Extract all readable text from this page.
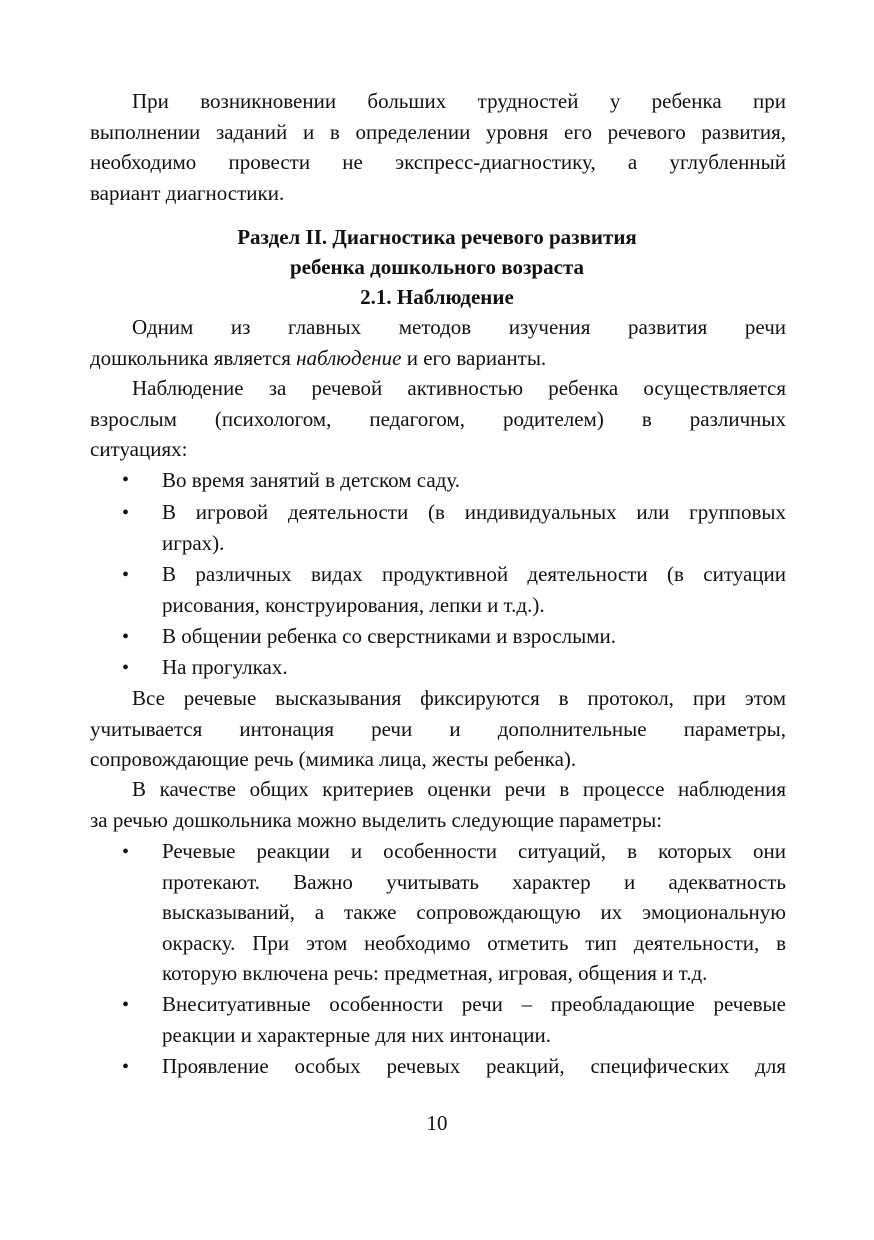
При возникновении больших трудностей у ребенка при
выполнении заданий и в определении уровня его речевого развития,
необходимо провести не экспресс-диагностику, а углубленный
вариант диагностики.
Раздел II. Диагностика речевого развития
ребенка дошкольного возраста
2.1. Наблюдение
Одним из главных методов изучения развития речи
дошкольника является наблюдение и его варианты.
Наблюдение за речевой активностью ребенка осуществляется
взрослым (психологом, педагогом, родителем) в различных
ситуациях:
•
Во время занятий в детском саду.
•
В игровой деятельности (в индивидуальных или групповых
играх).
•
В различных видах продуктивной деятельности (в ситуации
рисования, конструирования, лепки и т.д.).
•
В общении ребенка со сверстниками и взрослыми.
•
На прогулках.
Все речевые высказывания фиксируются в протокол, при этом
учитывается интонация речи и дополнительные параметры,
сопровождающие речь (мимика лица, жесты ребенка).
В качестве общих критериев оценки речи в процессе наблюдения
за речью дошкольника можно выделить следующие параметры:
•
Речевые реакции и особенности ситуаций, в которых они
протекают. Важно учитывать характер и адекватность
высказываний, а также сопровождающую их эмоциональную
окраску. При этом необходимо отметить тип деятельности, в
которую включена речь: предметная, игровая, общения и т.д.
•
Внеситуативные особенности речи – преобладающие речевые
реакции и характерные для них интонации.
•
Проявление особых речевых реакций, специфических для
10
